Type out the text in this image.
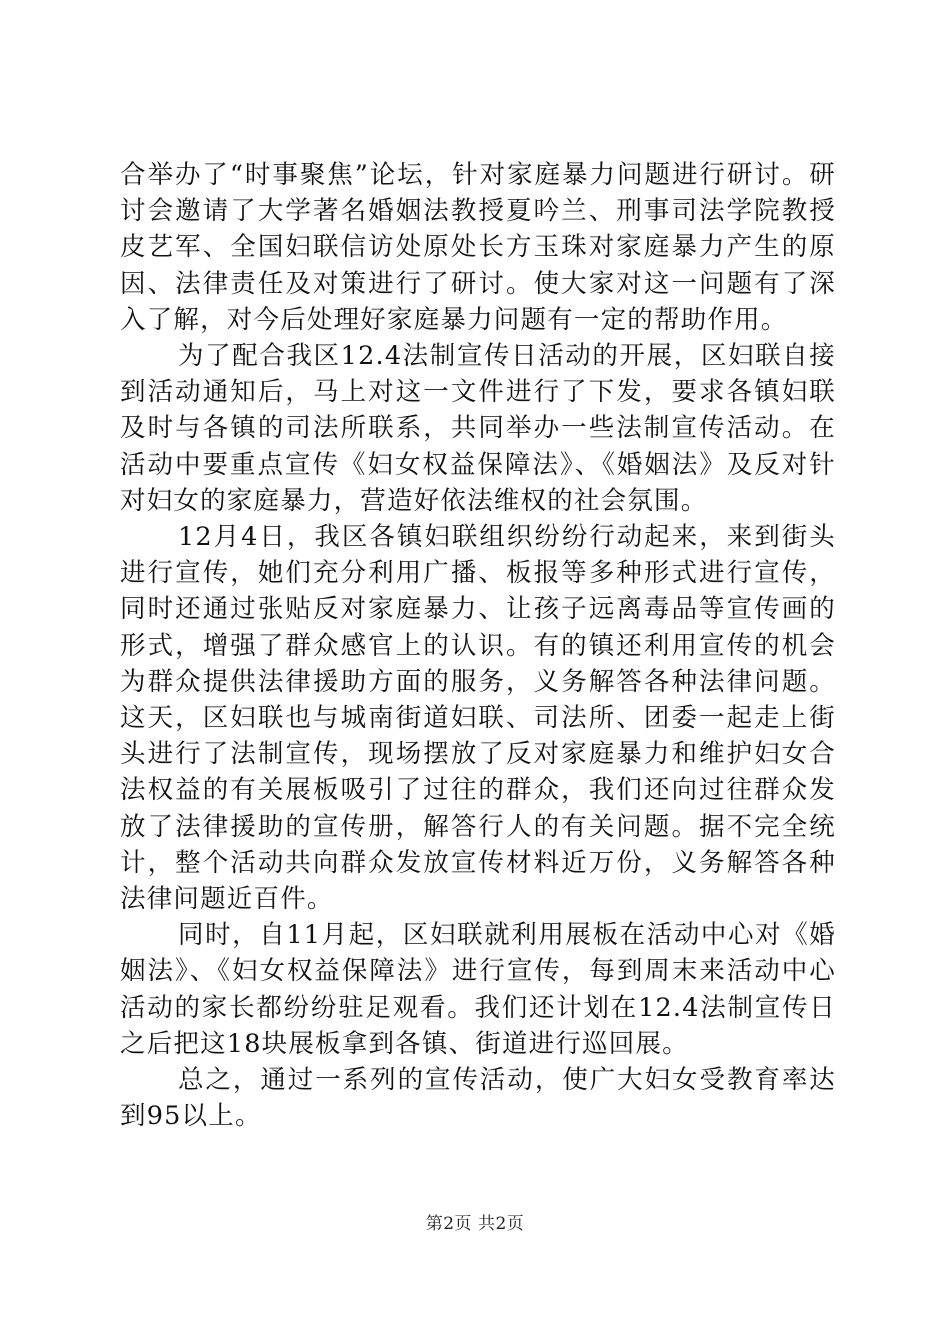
合举办了“时事聚焦”论坛，针对家庭暴力问题进行研讨。研讨会邀请了大学著名婚姻法教授夏吟兰、刑事司法学院教授皮艺军、全国妇联信访处原处长方玉珠对家庭暴力产生的原因、法律责任及对策进行了研讨。使大家对这一问题有了深入了解，对今后处理好家庭暴力问题有一定的帮助作用。

为了配合我区12.4法制宣传日活动的开展，区妇联自接到活动通知后，马上对这一文件进行了下发，要求各镇妇联及时与各镇的司法所联系，共同举办一些法制宣传活动。在活动中要重点宣传《妇女权益保障法》、《婚姻法》及反对针对妇女的家庭暴力，营造好依法维权的社会氛围。

12月4日，我区各镇妇联组织纷纷行动起来，来到街头进行宣传，她们充分利用广播、板报等多种形式进行宣传，同时还通过张贴反对家庭暴力、让孩子远离毒品等宣传画的形式，增强了群众感官上的认识。有的镇还利用宣传的机会为群众提供法律援助方面的服务，义务解答各种法律问题。这天，区妇联也与城南街道妇联、司法所、团委一起走上街头进行了法制宣传，现场摆放了反对家庭暴力和维护妇女合法权益的有关展板吸引了过往的群众，我们还向过往群众发放了法律援助的宣传册，解答行人的有关问题。据不完全统计，整个活动共向群众发放宣传材料近万份，义务解答各种法律问题近百件。

同时，自11月起，区妇联就利用展板在活动中心对《婚姻法》、《妇女权益保障法》进行宣传，每到周末来活动中心活动的家长都纷纷驻足观看。我们还计划在12.4法制宣传日之后把这18块展板拿到各镇、街道进行巡回展。

总之，通过一系列的宣传活动，使广大妇女受教育率达到95以上。

第2页 共2页
